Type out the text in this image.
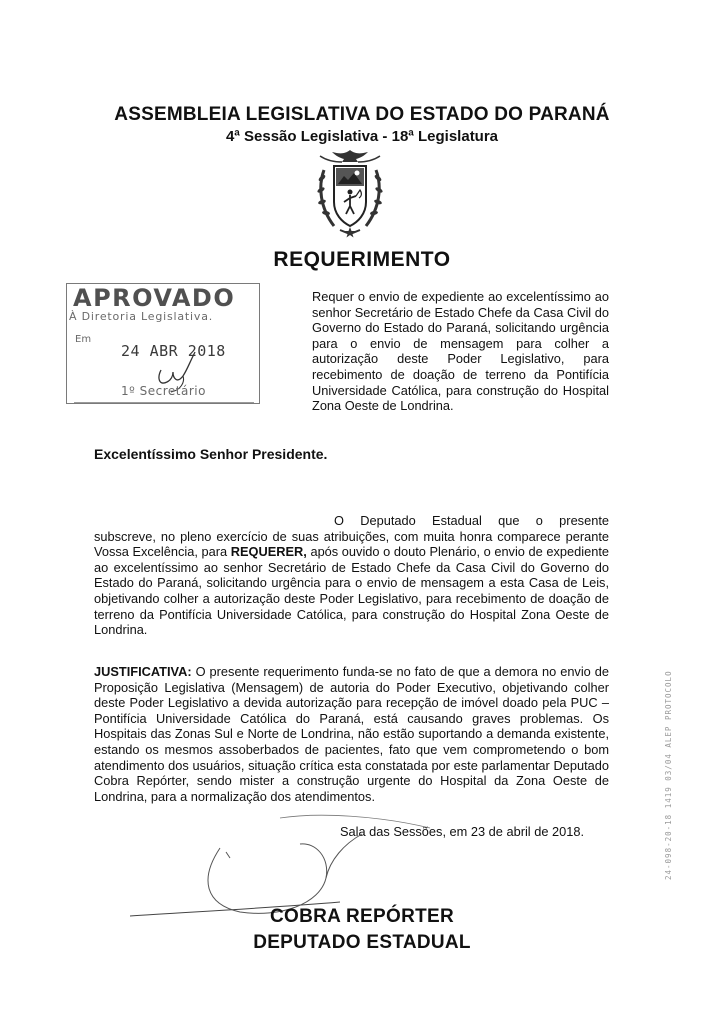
ASSEMBLEIA LEGISLATIVA DO ESTADO DO PARANÁ
4ª Sessão Legislativa - 18ª Legislatura
REQUERIMENTO
APROVADO
À Diretoria Legislativa.
Em
24 ABR 2018
1º Secretário
Requer o envio de expediente ao excelentíssimo ao senhor Secretário de Estado Chefe da Casa Civil do Governo do Estado do Paraná, solicitando urgência para o envio de mensagem para colher a autorização deste Poder Legislativo, para recebimento de doação de terreno da Pontifícia Universidade Católica, para construção do Hospital Zona Oeste de Londrina.
Excelentíssimo Senhor Presidente.
O Deputado Estadual que o presente subscreve, no pleno exercício de suas atribuições, com muita honra comparece perante Vossa Excelência, para REQUERER, após ouvido o douto Plenário, o envio de expediente ao excelentíssimo ao senhor Secretário de Estado Chefe da Casa Civil do Governo do Estado do Paraná, solicitando urgência para o envio de mensagem a esta Casa de Leis, objetivando colher a autorização deste Poder Legislativo, para recebimento de doação de terreno da Pontifícia Universidade Católica, para construção do Hospital Zona Oeste de Londrina.
JUSTIFICATIVA: O presente requerimento funda-se no fato de que a demora no envio de Proposição Legislativa (Mensagem) de autoria do Poder Executivo, objetivando colher deste Poder Legislativo a devida autorização para recepção de imóvel doado pela PUC – Pontifícia Universidade Católica do Paraná, está causando graves problemas. Os Hospitais das Zonas Sul e Norte de Londrina, não estão suportando a demanda existente, estando os mesmos assoberbados de pacientes, fato que vem comprometendo o bom atendimento dos usuários, situação crítica esta constatada por este parlamentar Deputado Cobra Repórter, sendo mister a construção urgente do Hospital da Zona Oeste de Londrina, para a normalização dos atendimentos.
Sala das Sessões, em 23 de abril de 2018.
COBRA REPÓRTER
DEPUTADO ESTADUAL
24-098-20-18 1419 03/04 ALEP PROTOCOLO
